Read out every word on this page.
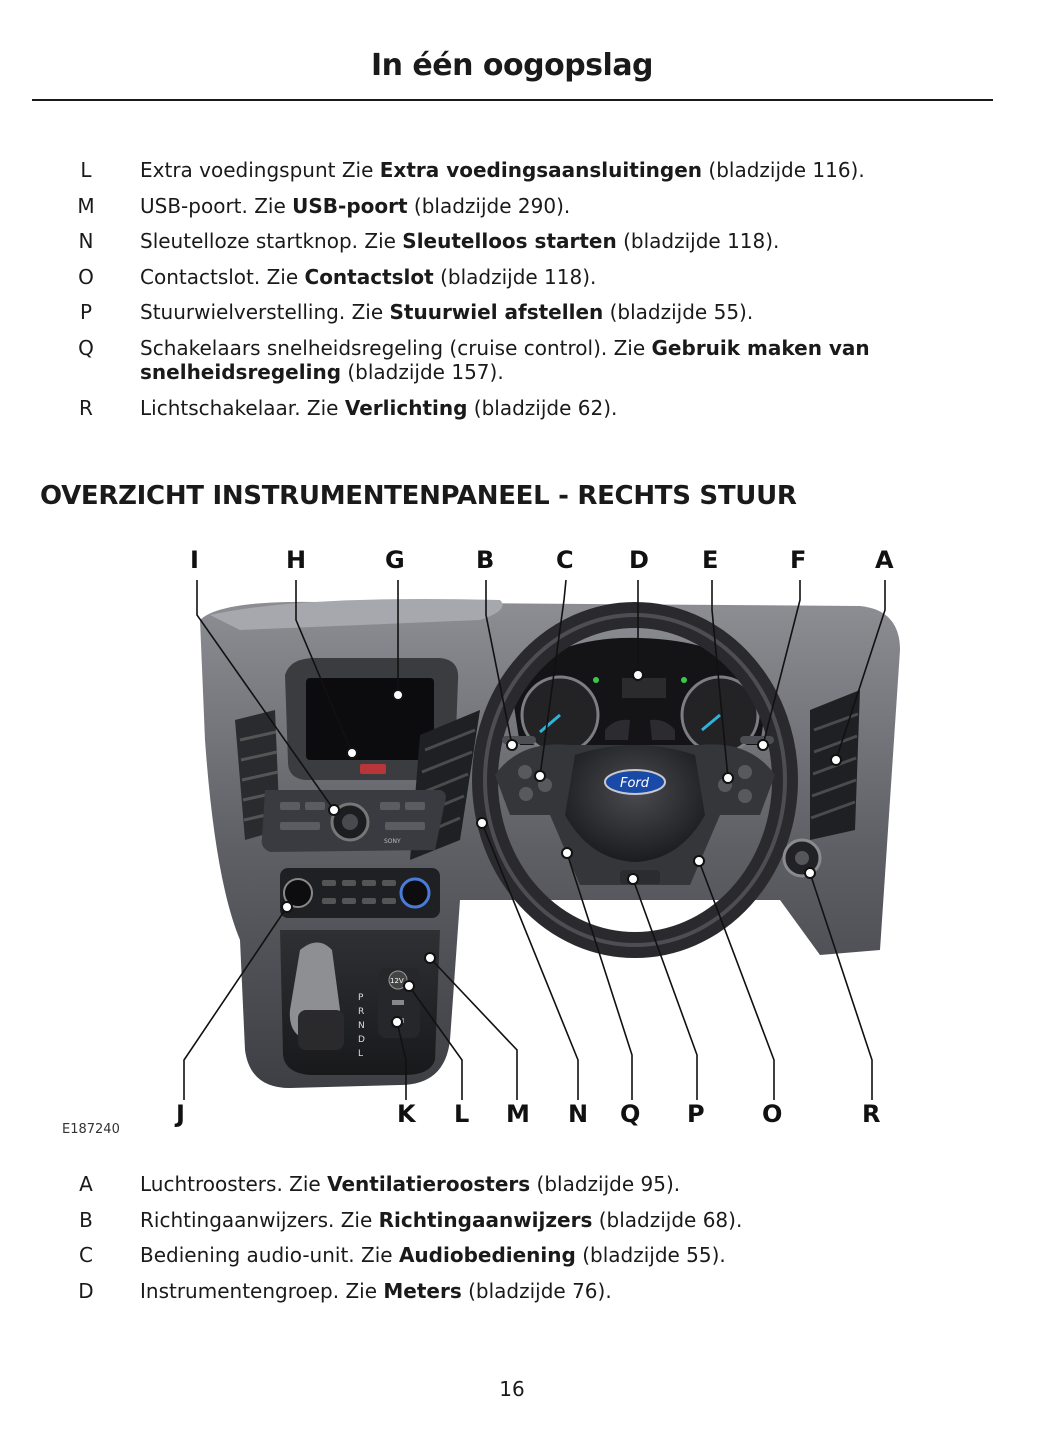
In één oogopslag
L	Extra voedingspunt Zie Extra voedingsaansluitingen (bladzijde 116).
M	USB-poort. Zie USB-poort (bladzijde 290).
N	Sleutelloze startknop. Zie Sleutelloos starten (bladzijde 118).
O	Contactslot. Zie Contactslot (bladzijde 118).
P	Stuurwielverstelling. Zie Stuurwiel afstellen (bladzijde 55).
Q	Schakelaars snelheidsregeling (cruise control). Zie Gebruik maken van snelheidsregeling (bladzijde 157).
R	Lichtschakelaar. Zie Verlichting (bladzijde 62).
OVERZICHT INSTRUMENTENPANEEL - RECHTS STUUR
SONY
P
R
N
D
L
12V
Ford
I	H	G	B	C D E	F	A
J	K L M N Q P O	R
E187240
A	Luchtroosters. Zie Ventilatieroosters (bladzijde 95).
B	Richtingaanwijzers. Zie Richtingaanwijzers (bladzijde 68).
C	Bediening audio-unit. Zie Audiobediening (bladzijde 55).
D	Instrumentengroep. Zie Meters (bladzijde 76).
16
